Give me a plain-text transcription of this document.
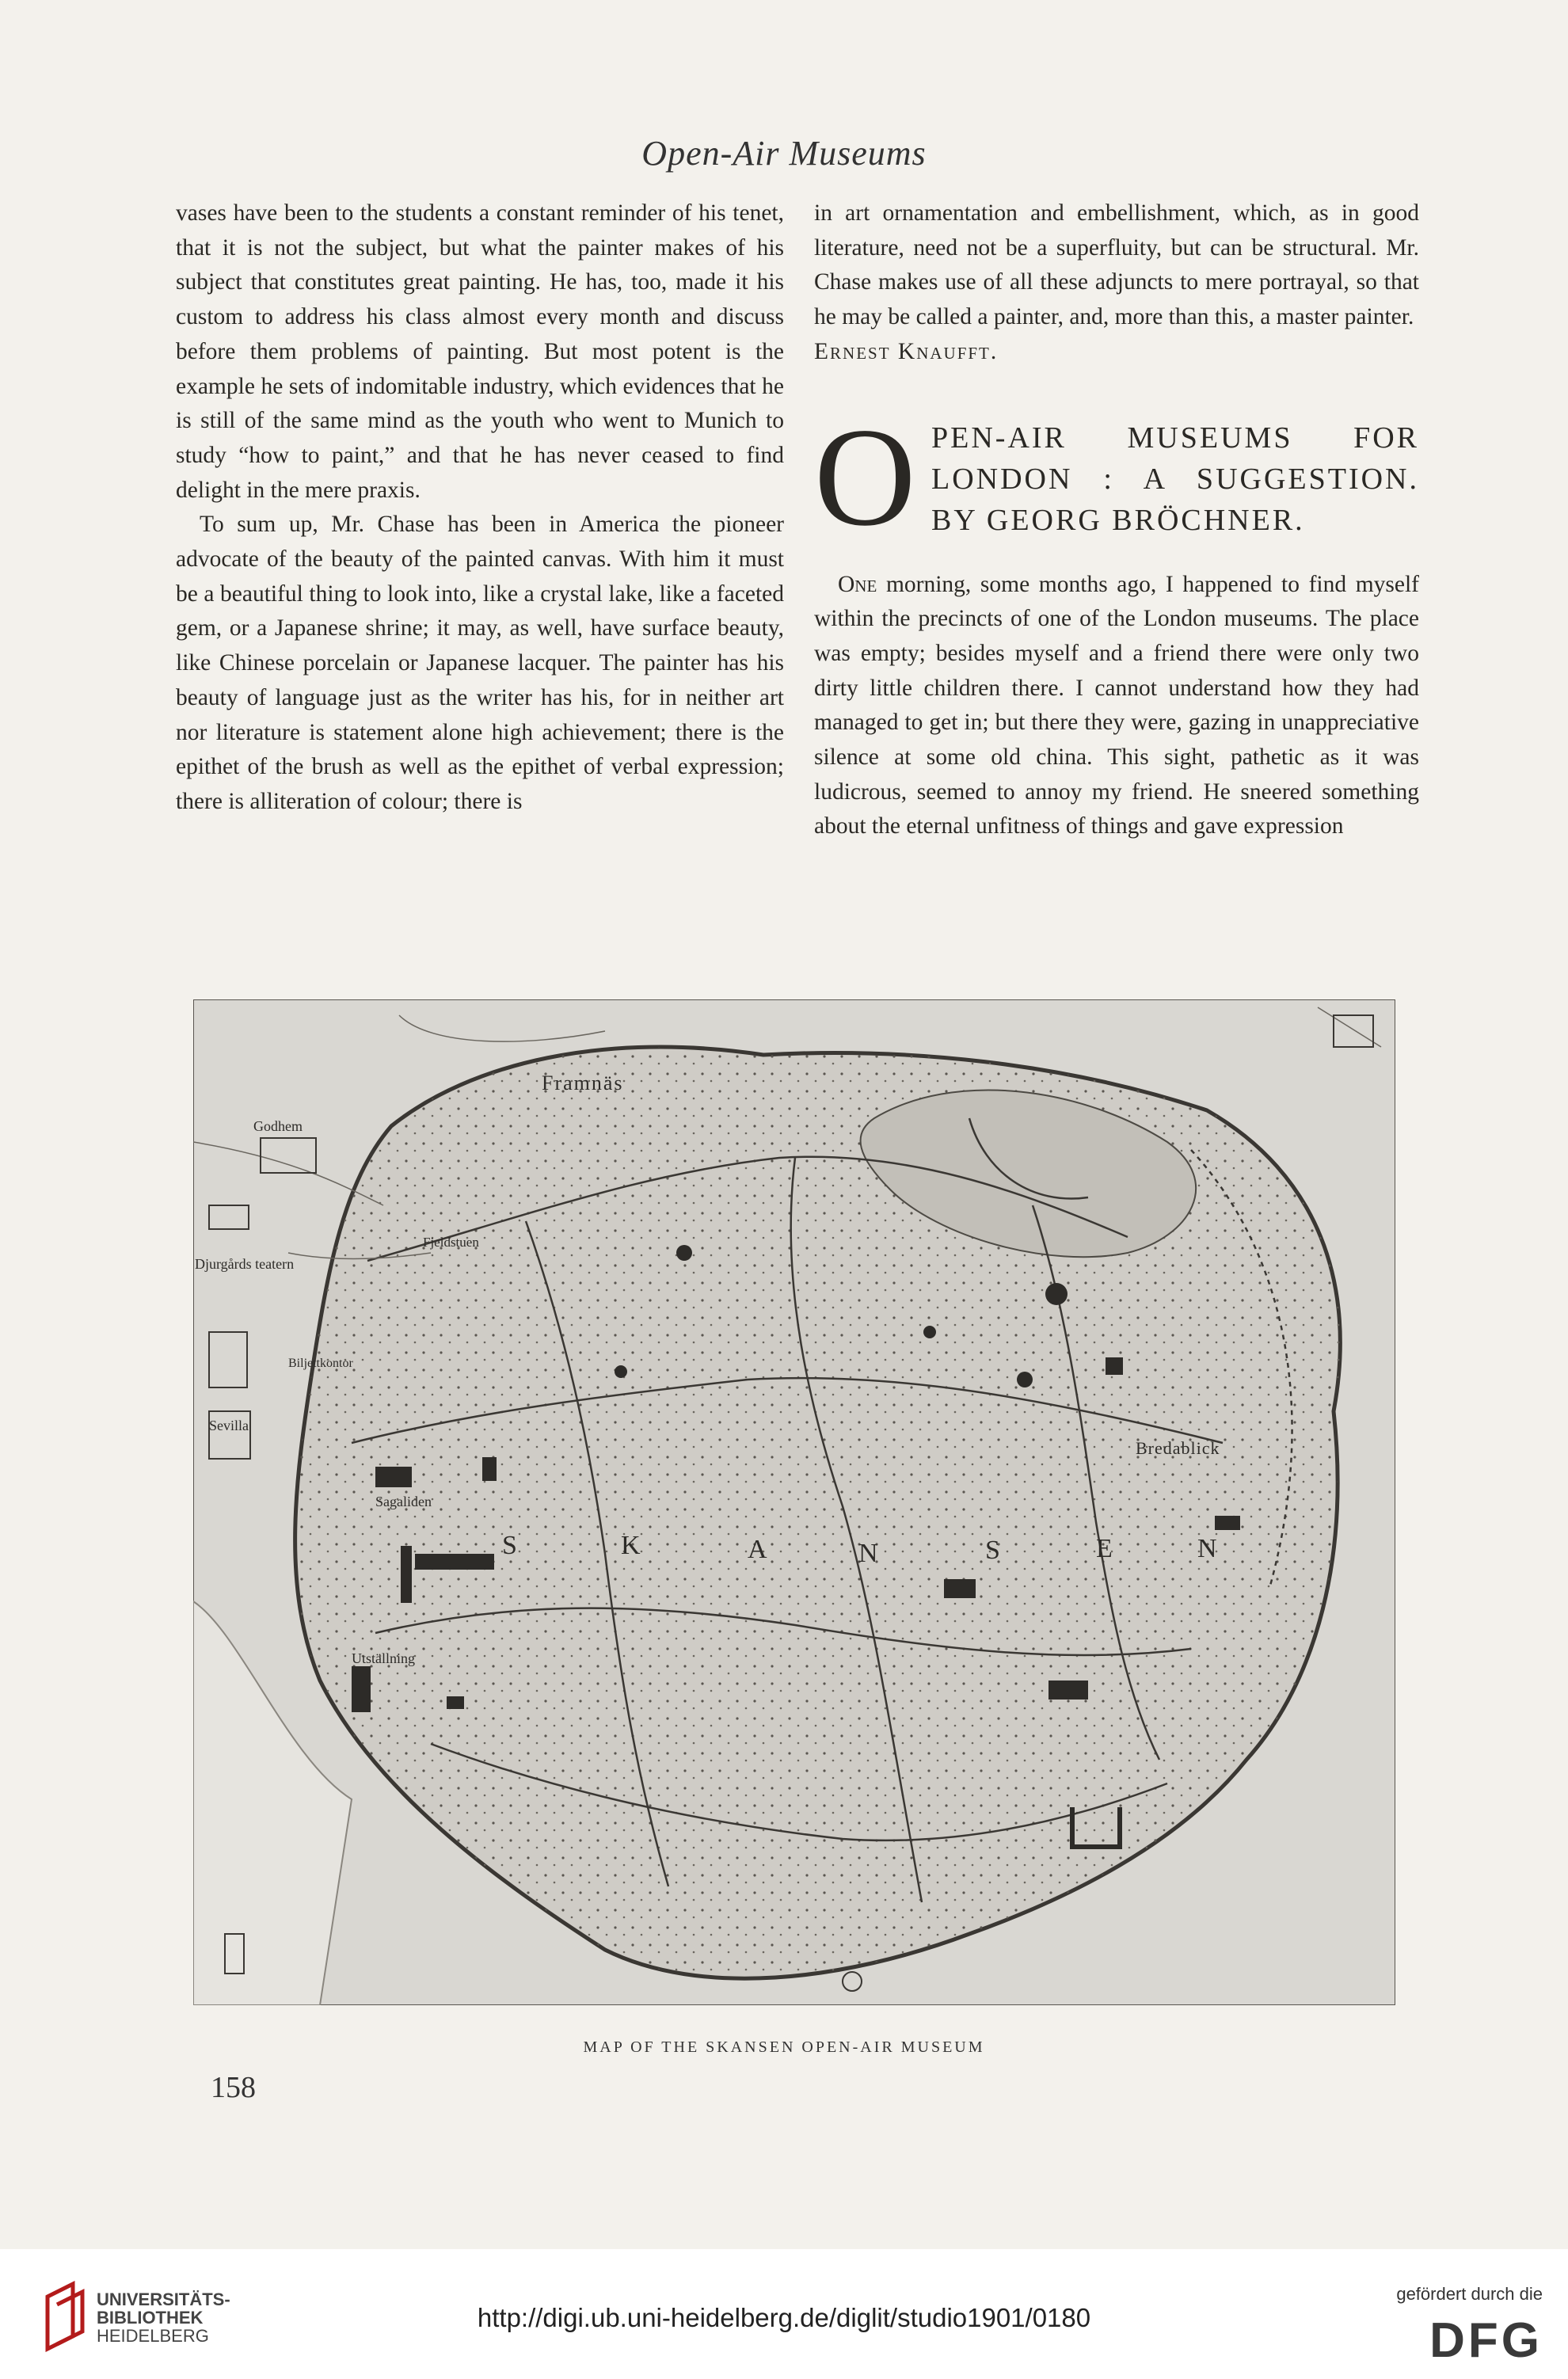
Open-Air Museums

vases have been to the students a constant reminder of his tenet, that it is not the subject, but what the painter makes of his subject that constitutes great painting. He has, too, made it his custom to address his class almost every month and discuss before them problems of painting. But most potent is the example he sets of indomitable industry, which evidences that he is still of the same mind as the youth who went to Munich to study “how to paint,” and that he has never ceased to find delight in the mere praxis.

To sum up, Mr. Chase has been in America the pioneer advocate of the beauty of the painted canvas. With him it must be a beautiful thing to look into, like a crystal lake, like a faceted gem, or a Japanese shrine; it may, as well, have surface beauty, like Chinese porcelain or Japanese lacquer. The painter has his beauty of language just as the writer has his, for in neither art nor literature is statement alone high achievement; there is the epithet of the brush as well as the epithet of verbal expression; there is alliteration of colour; there is

in art ornamentation and embellishment, which, as in good literature, need not be a superfluity, but can be structural. Mr. Chase makes use of all these adjuncts to mere portrayal, so that he may be called a painter, and, more than this, a master painter.

Ernest Knaufft.

O PEN-AIR MUSEUMS FOR
LONDON : A SUGGESTION.
BY GEORG BRÖCHNER.

One morning, some months ago, I happened to find myself within the precincts of one of the London museums. The place was empty; besides myself and a friend there were only two dirty little children there. I cannot understand how they had managed to get in; but there they were, gazing in unappreciative silence at some old china. This sight, pathetic as it was ludicrous, seemed to annoy my friend. He sneered something about the eternal unfitness of things and gave expression

Framnäs
Godhem
Fjeldstuen
Djurgårds teatern
Biljettkontor
Sevilla
Sagaliden
Utställning
Bredablick
S	K	A	N	S	E	N
MAP OF THE SKANSEN OPEN-AIR MUSEUM
158
UNIVERSITÄTS-
BIBLIOTHEK
HEIDELBERG
http://digi.ub.uni-heidelberg.de/diglit/studio1901/0180
gefördert durch die
DFG
